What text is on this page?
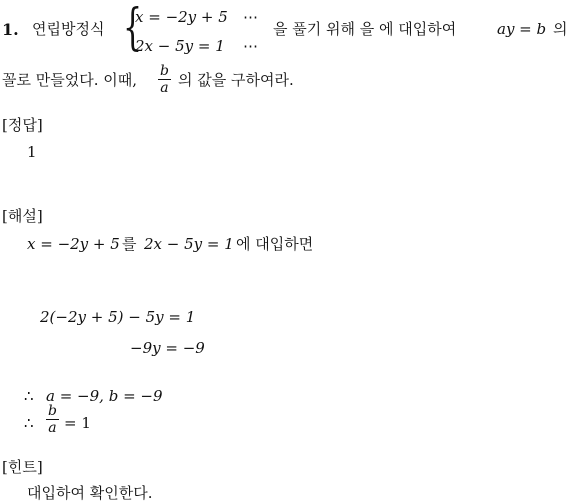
1. 연립방정식 {
x = −2y + 5 ⋯
2x − 5y = 1 ⋯
을 풀기 위해 을 에 대입하여	ay = b 의
꼴로 만들었다. 이때, $\frac{b}{a}$ 의 값을 구하여라.
[정답]
1
[해설]
x = −2y + 5 를 2x − 5y = 1 에 대입하면
2(−2y + 5) − 5y = 1
−9y = −9
∴ a = −9, b = −9
∴ $\frac{b}{a} = 1$
[힌트]
대입하여 확인한다.
